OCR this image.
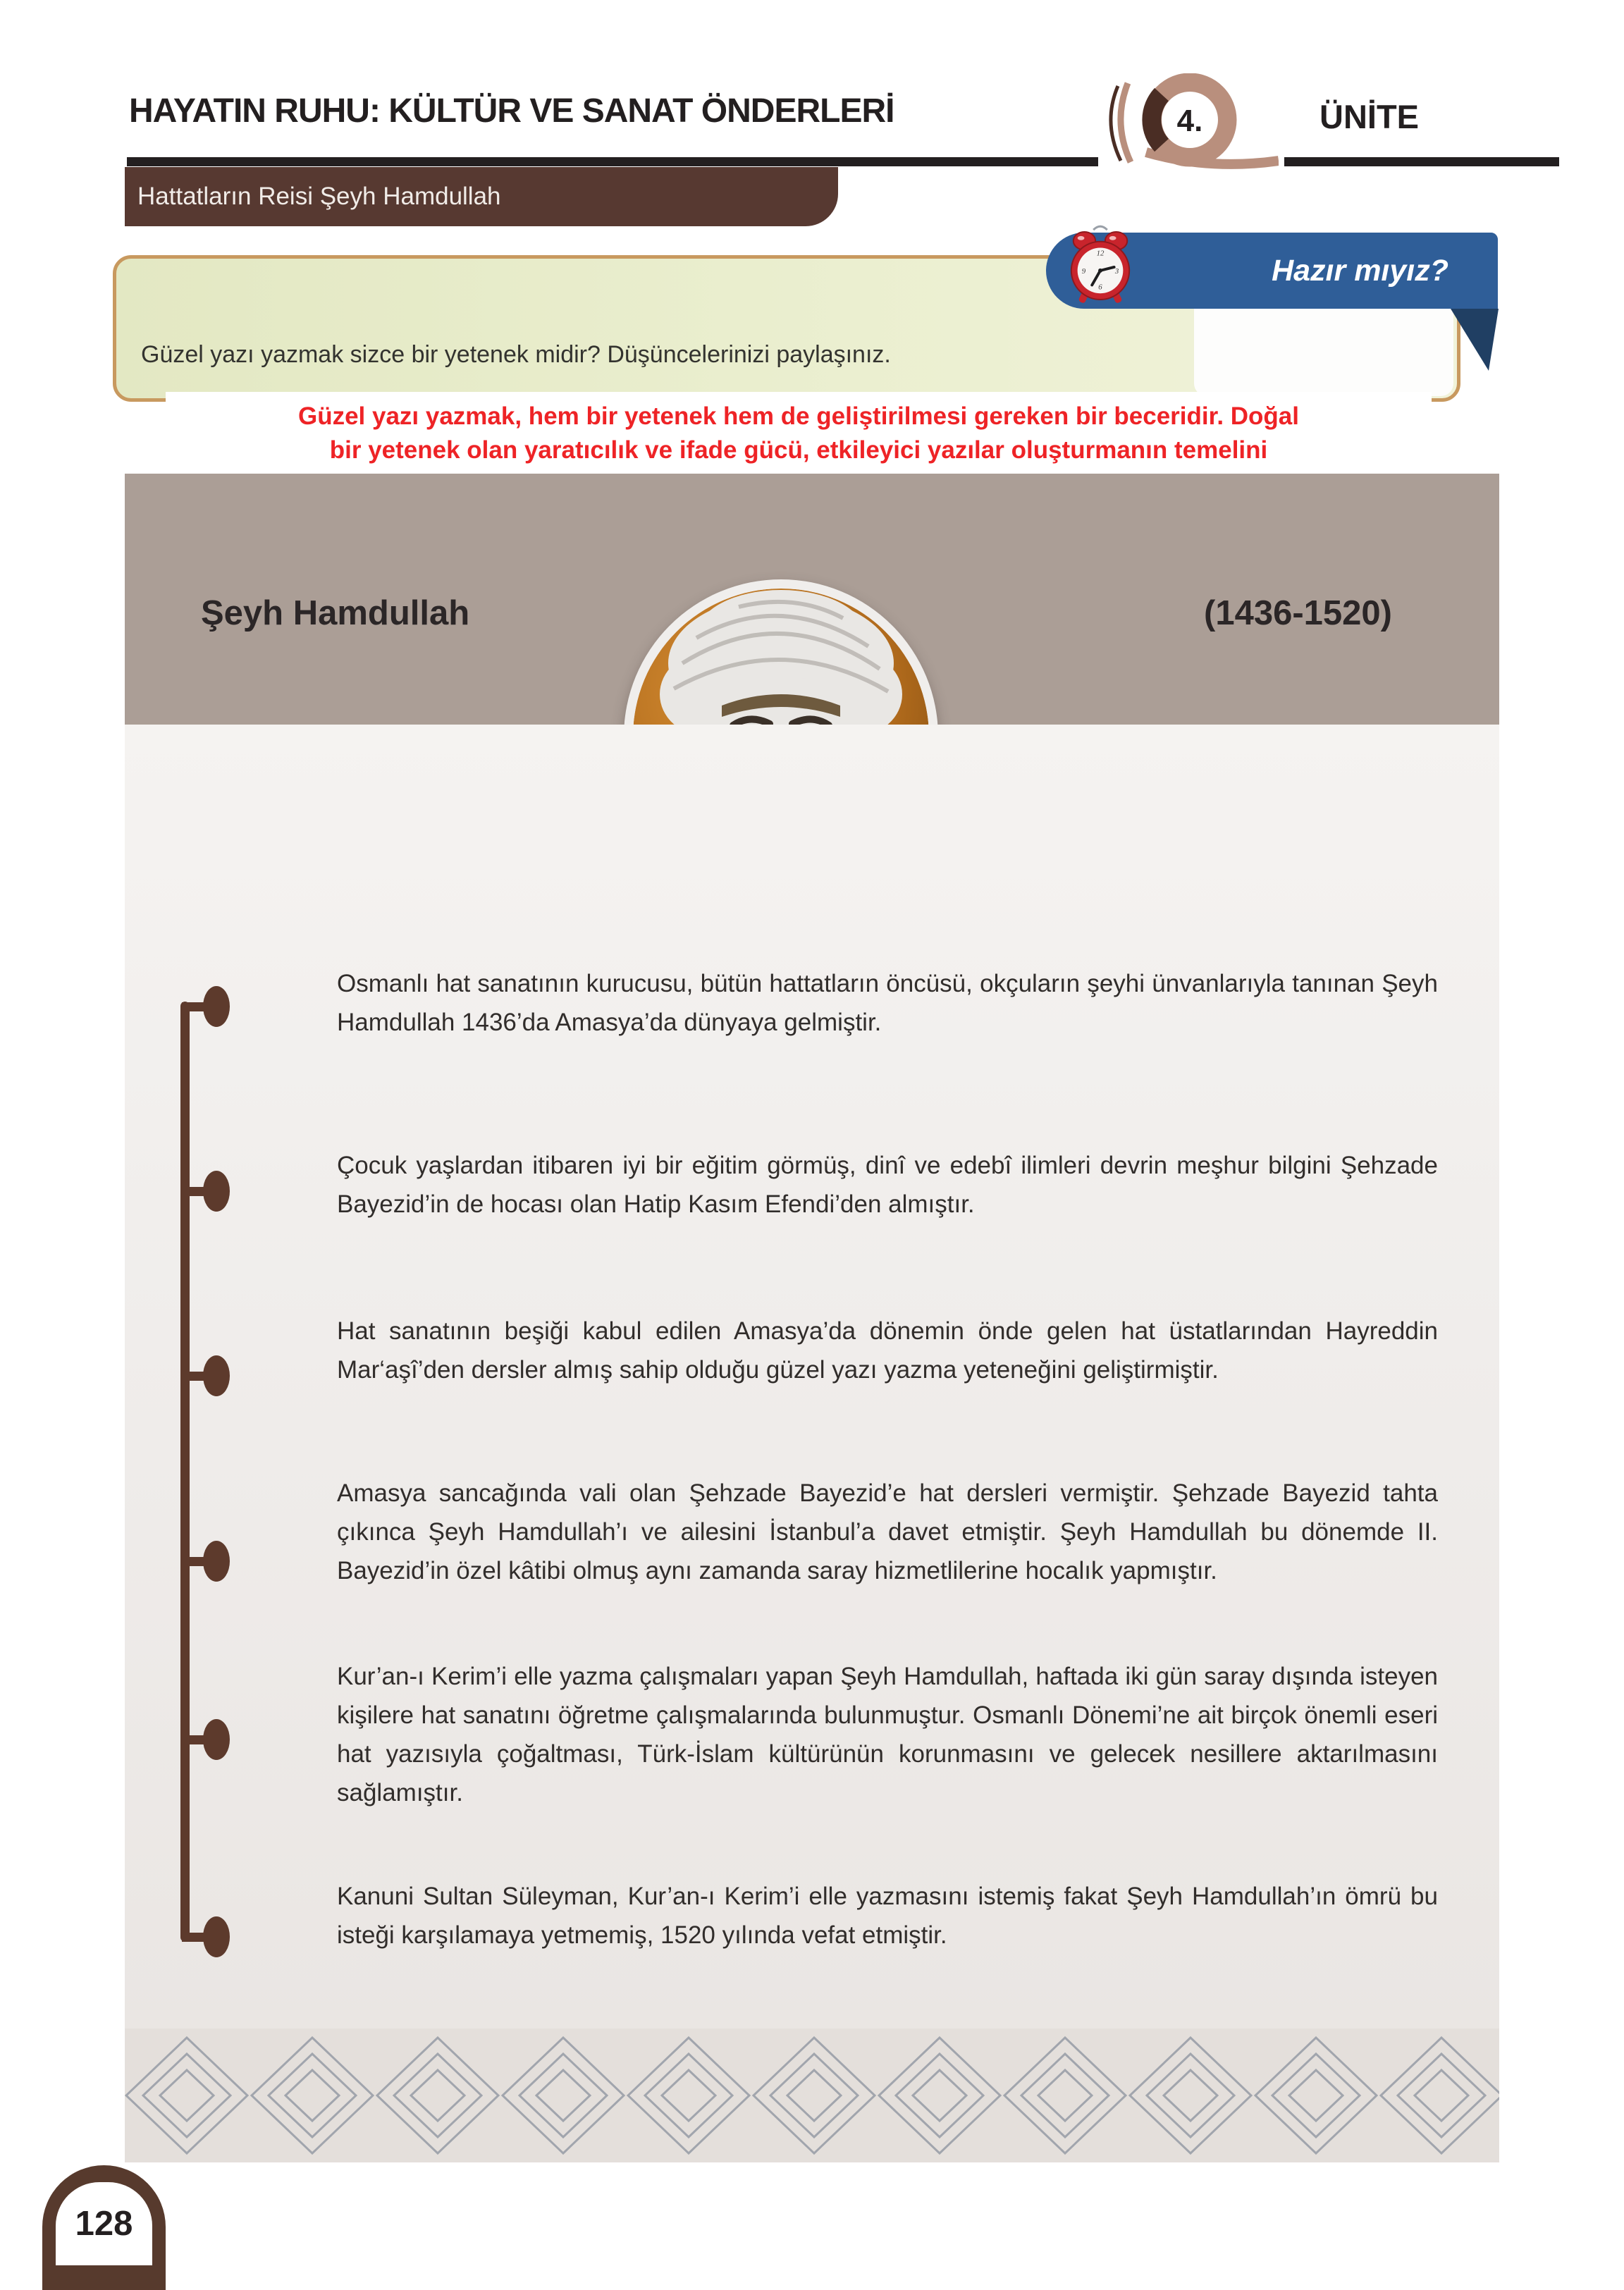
HAYATIN RUHU: KÜLTÜR VE SANAT ÖNDERLERİ	4.	ÜNİTE
Hattatların Reisi Şeyh Hamdullah
Hazır mıyız?
12
3
6
9
Güzel yazı yazmak sizce bir yetenek midir? Düşüncelerinizi paylaşınız.
Güzel yazı yazmak, hem bir yetenek hem de geliştirilmesi gereken bir beceridir. Doğal
bir yetenek olan yaratıcılık ve ifade gücü, etkileyici yazılar oluşturmanın temelini
Şeyh Hamdullah	(1436-1520)

Osmanlı hat sanatının kurucusu, bütün hattatların öncüsü, okçuların şeyhi ünvanlarıyla tanınan Şeyh Hamdullah 1436’da Amasya’da dünyaya gelmiştir.

Çocuk yaşlardan itibaren iyi bir eğitim görmüş, dinî ve edebî ilimleri devrin meşhur bilgini Şehzade Bayezid’in de hocası olan Hatip Kasım Efendi’den almıştır.

Hat sanatının beşiği kabul edilen Amasya’da dönemin önde gelen hat üstatlarından Hayreddin Mar‘aşî’den dersler almış sahip olduğu güzel yazı yazma yeteneğini geliştirmiştir.

Amasya sancağında vali olan Şehzade Bayezid’e hat dersleri vermiştir. Şehzade Bayezid tahta çıkınca Şeyh Hamdullah’ı ve ailesini İstanbul’a davet etmiştir. Şeyh Hamdullah bu dönemde II. Bayezid’in özel kâtibi olmuş aynı zamanda saray hizmetlilerine hocalık yapmıştır.

Kur’an-ı Kerim’i elle yazma çalışmaları yapan Şeyh Hamdullah, haftada iki gün saray dışında isteyen kişilere hat sanatını öğretme çalışmalarında bulunmuştur. Osmanlı Dönemi’ne ait birçok önemli eseri hat yazısıyla çoğaltması, Türk-İslam kültürünün korunmasını ve gelecek nesillere aktarılmasını sağlamıştır.

Kanuni Sultan Süleyman, Kur’an-ı Kerim’i elle yazmasını istemiş fakat Şeyh Hamdullah’ın ömrü bu isteği karşılamaya yetmemiş, 1520 yılında vefat etmiştir.

128
